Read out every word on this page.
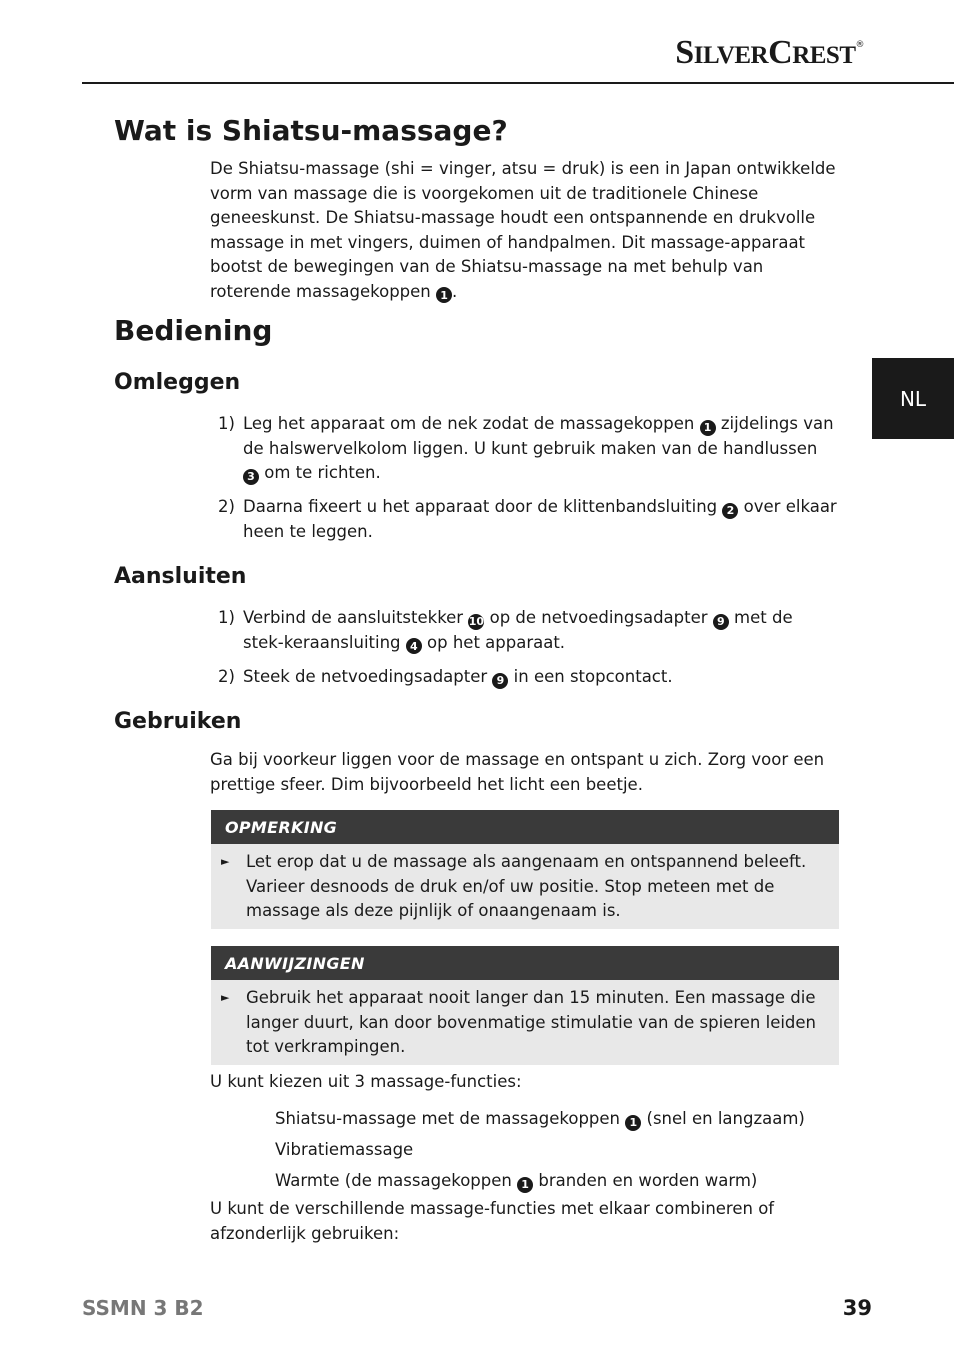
SILVERCREST®
NL
Wat is Shiatsu-massage?

De Shiatsu-massage (shi = vinger, atsu = druk) is een in Japan ontwikkelde vorm van massage die is voorgekomen uit de traditionele Chinese geneeskunst. De Shiatsu-massage houdt een ontspannende en drukvolle massage in met vingers, duimen of handpalmen. Dit massage-apparaat bootst de bewegingen van de Shiatsu-massage na met behulp van roterende massagekoppen 1 .

Bediening
Omleggen
1) Leg het apparaat om de nek zodat de massagekoppen 1 zijdelings van de halswervelkolom liggen. U kunt gebruik maken van de handlussen 3 om te richten.
2) Daarna fixeert u het apparaat door de klittenbandsluiting 2 over elkaar heen te leggen.
Aansluiten
1) Verbind de aansluitstekker 10 op de netvoedingsadapter 9 met de stek-keraansluiting 4 op het apparaat.
2) Steek de netvoedingsadapter 9 in een stopcontact.
Gebruiken

Ga bij voorkeur liggen voor de massage en ontspant u zich. Zorg voor een prettige sfeer. Dim bijvoorbeeld het licht een beetje.

OPMERKING
►	Let erop dat u de massage als aangenaam en ontspannend beleeft. Varieer desnoods de druk en/of uw positie. Stop meteen met de massage als deze pijnlijk of onaangenaam is.
AANWIJZINGEN
►	Gebruik het apparaat nooit langer dan 15 minuten. Een massage die langer duurt, kan door bovenmatige stimulatie van de spieren leiden tot verkrampingen.

U kunt kiezen uit 3 massage-functies:

Shiatsu-massage met de massagekoppen 1 (snel en langzaam)
Vibratiemassage
Warmte (de massagekoppen 1 branden en worden warm)

U kunt de verschillende massage-functies met elkaar combineren of afzonderlijk gebruiken:

SSMN 3 B2	39
